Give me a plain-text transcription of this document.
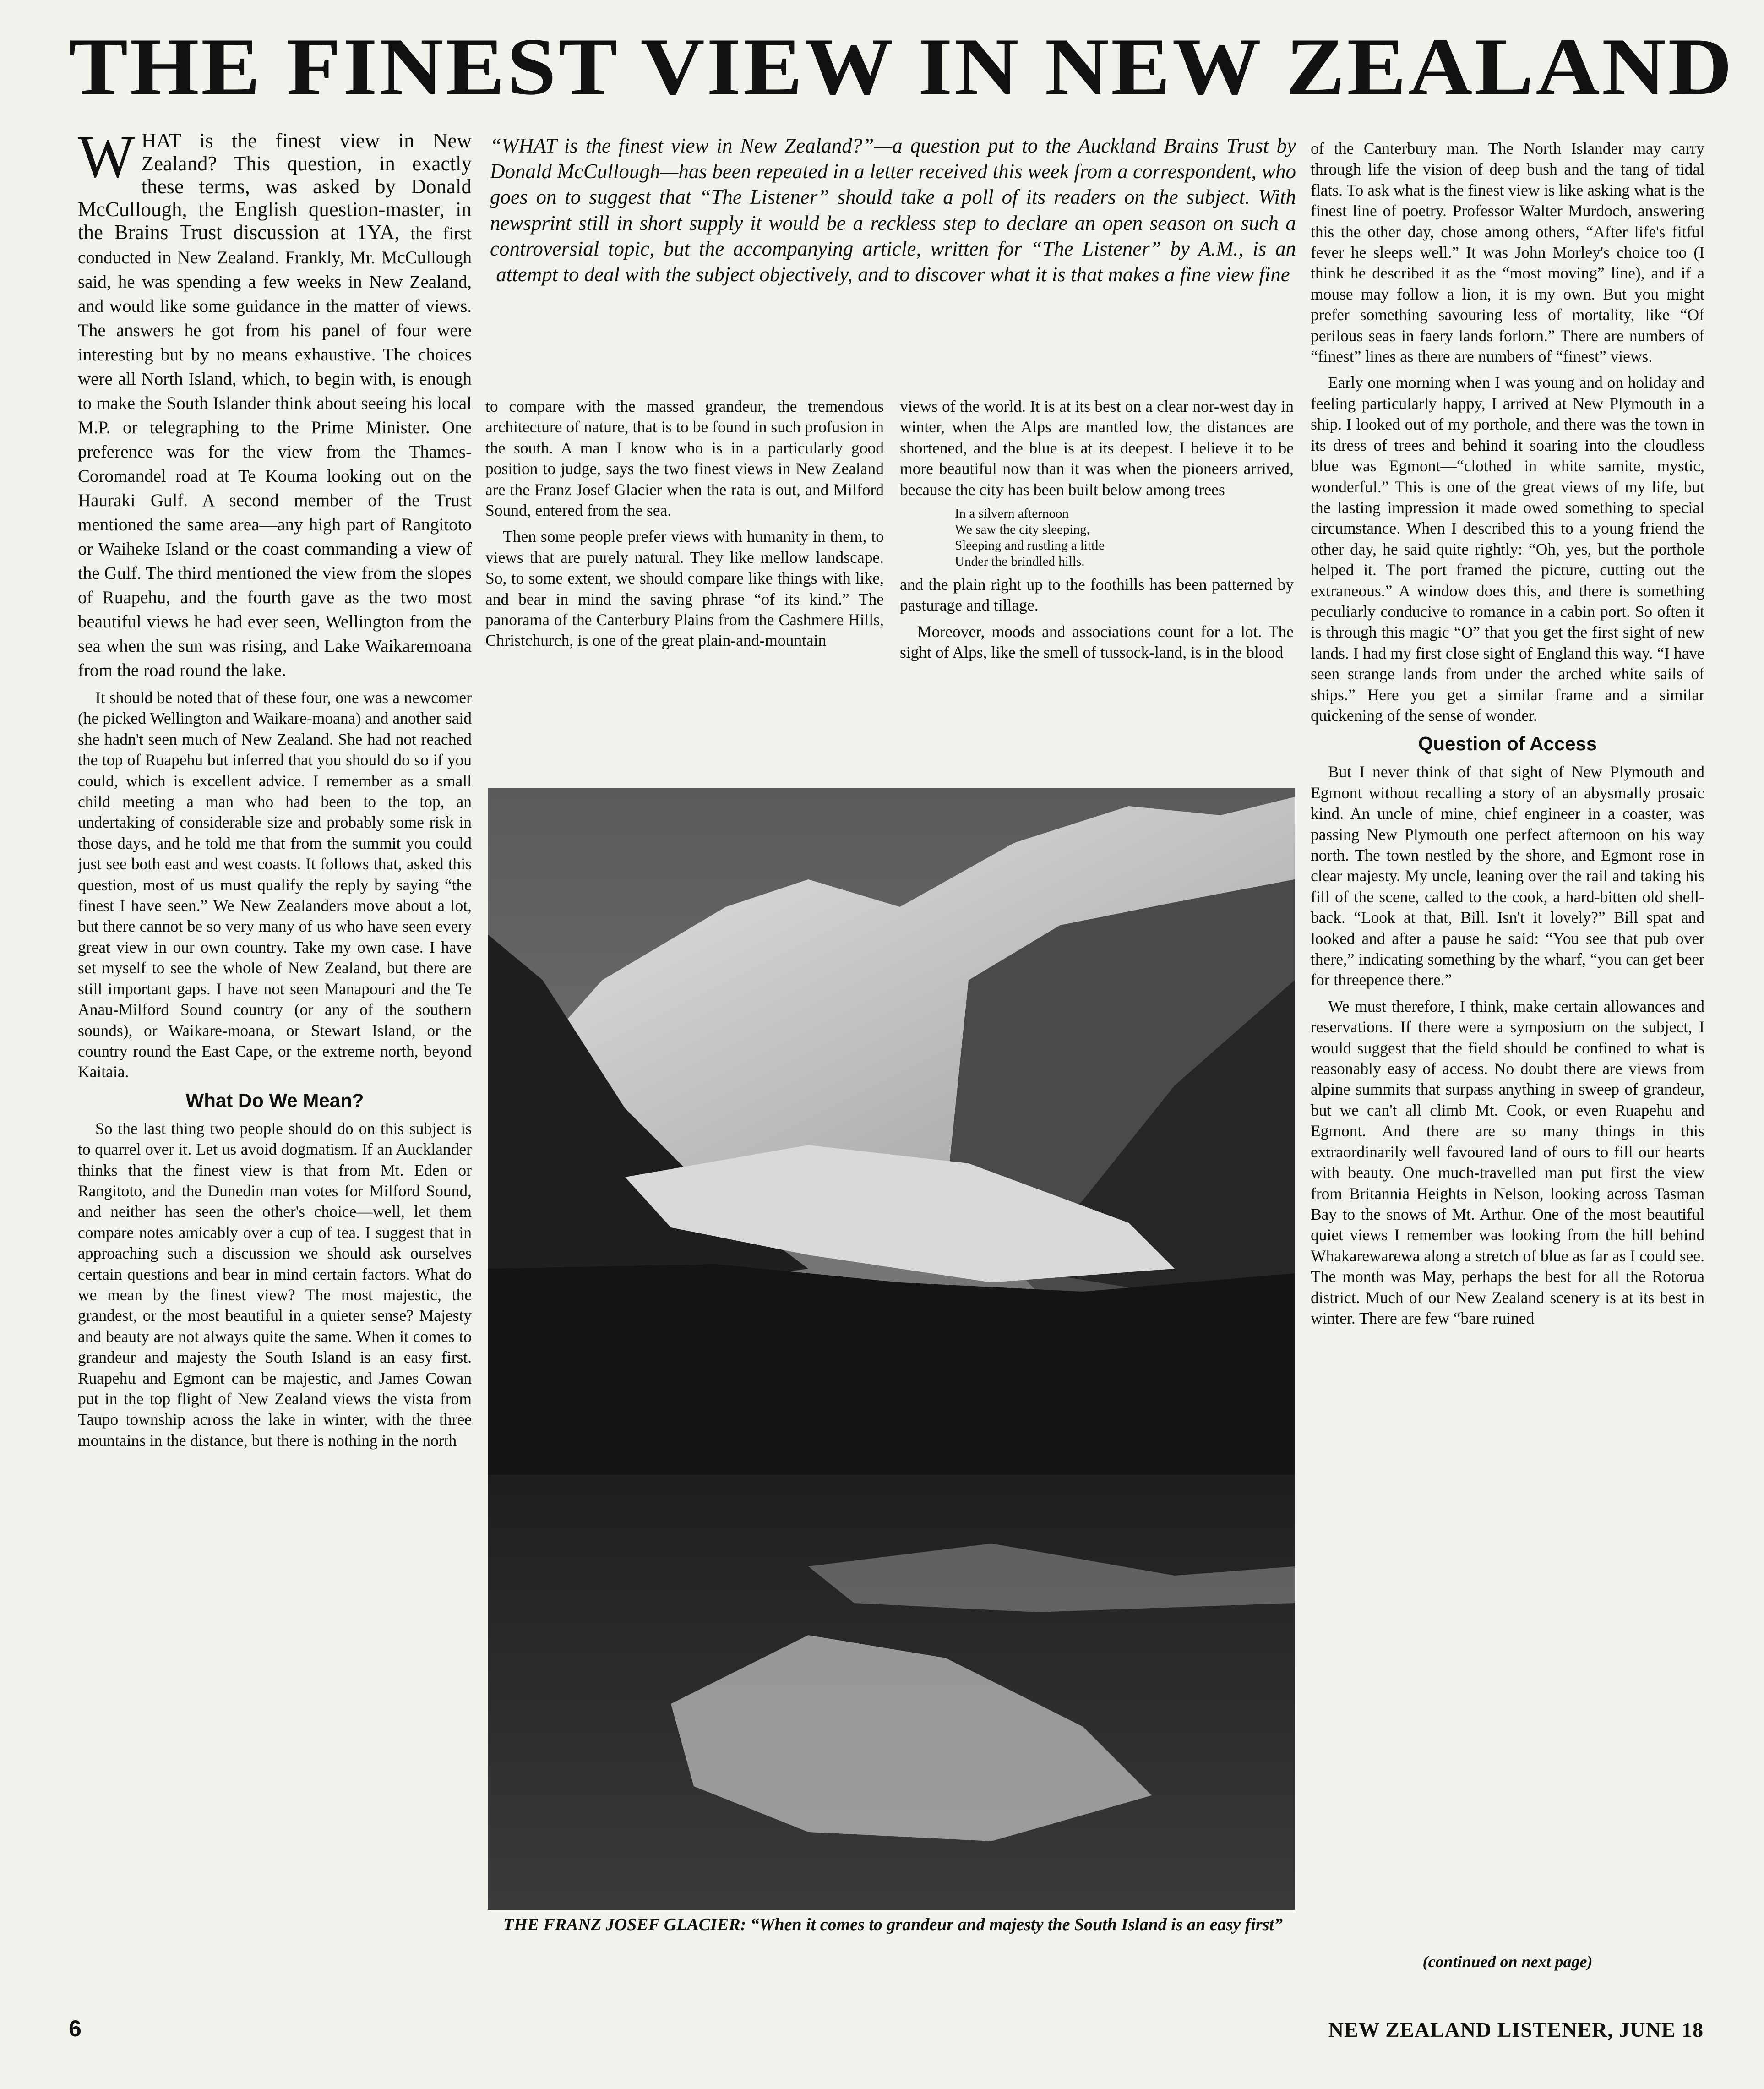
THE FINEST VIEW IN NEW ZEALAND

WHAT is the finest view in New Zealand? This question, in exactly these terms, was asked by Donald McCullough, the English question-master, in the Brains Trust discussion at 1YA, the first conducted in New Zealand. Frankly, Mr. McCullough said, he was spending a few weeks in New Zealand, and would like some guidance in the matter of views. The answers he got from his panel of four were interesting but by no means exhaustive. The choices were all North Island, which, to begin with, is enough to make the South Islander think about seeing his local M.P. or telegraphing to the Prime Minister. One preference was for the view from the Thames-Coromandel road at Te Kouma looking out on the Hauraki Gulf. A second member of the Trust mentioned the same area—any high part of Rangitoto or Waiheke Island or the coast commanding a view of the Gulf. The third mentioned the view from the slopes of Ruapehu, and the fourth gave as the two most beautiful views he had ever seen, Wellington from the sea when the sun was rising, and Lake Waikaremoana from the road round the lake.

It should be noted that of these four, one was a newcomer (he picked Wellington and Waikare-moana) and another said she hadn't seen much of New Zealand. She had not reached the top of Ruapehu but inferred that you should do so if you could, which is excellent advice. I remember as a small child meeting a man who had been to the top, an undertaking of considerable size and probably some risk in those days, and he told me that from the summit you could just see both east and west coasts. It follows that, asked this question, most of us must qualify the reply by saying “the finest I have seen.” We New Zealanders move about a lot, but there cannot be so very many of us who have seen every great view in our own country. Take my own case. I have set myself to see the whole of New Zealand, but there are still important gaps. I have not seen Manapouri and the Te Anau-Milford Sound country (or any of the southern sounds), or Waikare-moana, or Stewart Island, or the country round the East Cape, or the extreme north, beyond Kaitaia.

What Do We Mean?

So the last thing two people should do on this subject is to quarrel over it. Let us avoid dogmatism. If an Aucklander thinks that the finest view is that from Mt. Eden or Rangitoto, and the Dunedin man votes for Milford Sound, and neither has seen the other's choice—well, let them compare notes amicably over a cup of tea. I suggest that in approaching such a discussion we should ask ourselves certain questions and bear in mind certain factors. What do we mean by the finest view? The most majestic, the grandest, or the most beautiful in a quieter sense? Majesty and beauty are not always quite the same. When it comes to grandeur and majesty the South Island is an easy first. Ruapehu and Egmont can be majestic, and James Cowan put in the top flight of New Zealand views the vista from Taupo township across the lake in winter, with the three mountains in the distance, but there is nothing in the north

“WHAT is the finest view in New Zealand?”—a question put to the Auckland Brains Trust by Donald McCullough—has been repeated in a letter received this week from a correspondent, who goes on to suggest that “The Listener” should take a poll of its readers on the subject. With newsprint still in short supply it would be a reckless step to declare an open season on such a controversial topic, but the accompanying article, written for “The Listener” by A.M., is an attempt to deal with the subject objectively, and to discover what it is that makes a fine view fine

to compare with the massed grandeur, the tremendous architecture of nature, that is to be found in such profusion in the south. A man I know who is in a particularly good position to judge, says the two finest views in New Zealand are the Franz Josef Glacier when the rata is out, and Milford Sound, entered from the sea.

Then some people prefer views with humanity in them, to views that are purely natural. They like mellow landscape. So, to some extent, we should compare like things with like, and bear in mind the saving phrase “of its kind.” The panorama of the Canterbury Plains from the Cashmere Hills, Christchurch, is one of the great plain-and-mountain

views of the world. It is at its best on a clear nor-west day in winter, when the Alps are mantled low, the distances are shortened, and the blue is at its deepest. I believe it to be more beautiful now than it was when the pioneers arrived, because the city has been built below among trees

In a silvern afternoon
We saw the city sleeping,
Sleeping and rustling a little
Under the brindled hills.

and the plain right up to the foothills has been patterned by pasturage and tillage.

Moreover, moods and associations count for a lot. The sight of Alps, like the smell of tussock-land, is in the blood

THE FRANZ JOSEF GLACIER: “When it comes to grandeur and majesty the South Island is an easy first”

of the Canterbury man. The North Islander may carry through life the vision of deep bush and the tang of tidal flats. To ask what is the finest view is like asking what is the finest line of poetry. Professor Walter Murdoch, answering this the other day, chose among others, “After life's fitful fever he sleeps well.” It was John Morley's choice too (I think he described it as the “most moving” line), and if a mouse may follow a lion, it is my own. But you might prefer something savouring less of mortality, like “Of perilous seas in faery lands forlorn.” There are numbers of “finest” lines as there are numbers of “finest” views.

Early one morning when I was young and on holiday and feeling particularly happy, I arrived at New Plymouth in a ship. I looked out of my porthole, and there was the town in its dress of trees and behind it soaring into the cloudless blue was Egmont—“clothed in white samite, mystic, wonderful.” This is one of the great views of my life, but the lasting impression it made owed something to special circumstance. When I described this to a young friend the other day, he said quite rightly: “Oh, yes, but the porthole helped it. The port framed the picture, cutting out the extraneous.” A window does this, and there is something peculiarly conducive to romance in a cabin port. So often it is through this magic “O” that you get the first sight of new lands. I had my first close sight of England this way. “I have seen strange lands from under the arched white sails of ships.” Here you get a similar frame and a similar quickening of the sense of wonder.

Question of Access

But I never think of that sight of New Plymouth and Egmont without recalling a story of an abysmally prosaic kind. An uncle of mine, chief engineer in a coaster, was passing New Plymouth one perfect afternoon on his way north. The town nestled by the shore, and Egmont rose in clear majesty. My uncle, leaning over the rail and taking his fill of the scene, called to the cook, a hard-bitten old shell-back. “Look at that, Bill. Isn't it lovely?” Bill spat and looked and after a pause he said: “You see that pub over there,” indicating something by the wharf, “you can get beer for threepence there.”

We must therefore, I think, make certain allowances and reservations. If there were a symposium on the subject, I would suggest that the field should be confined to what is reasonably easy of access. No doubt there are views from alpine summits that surpass anything in sweep of grandeur, but we can't all climb Mt. Cook, or even Ruapehu and Egmont. And there are so many things in this extraordinarily well favoured land of ours to fill our hearts with beauty. One much-travelled man put first the view from Britannia Heights in Nelson, looking across Tasman Bay to the snows of Mt. Arthur. One of the most beautiful quiet views I remember was looking from the hill behind Whakarewarewa along a stretch of blue as far as I could see. The month was May, perhaps the best for all the Rotorua district. Much of our New Zealand scenery is at its best in winter. There are few “bare ruined

(continued on next page)
6	NEW ZEALAND LISTENER, JUNE 18
